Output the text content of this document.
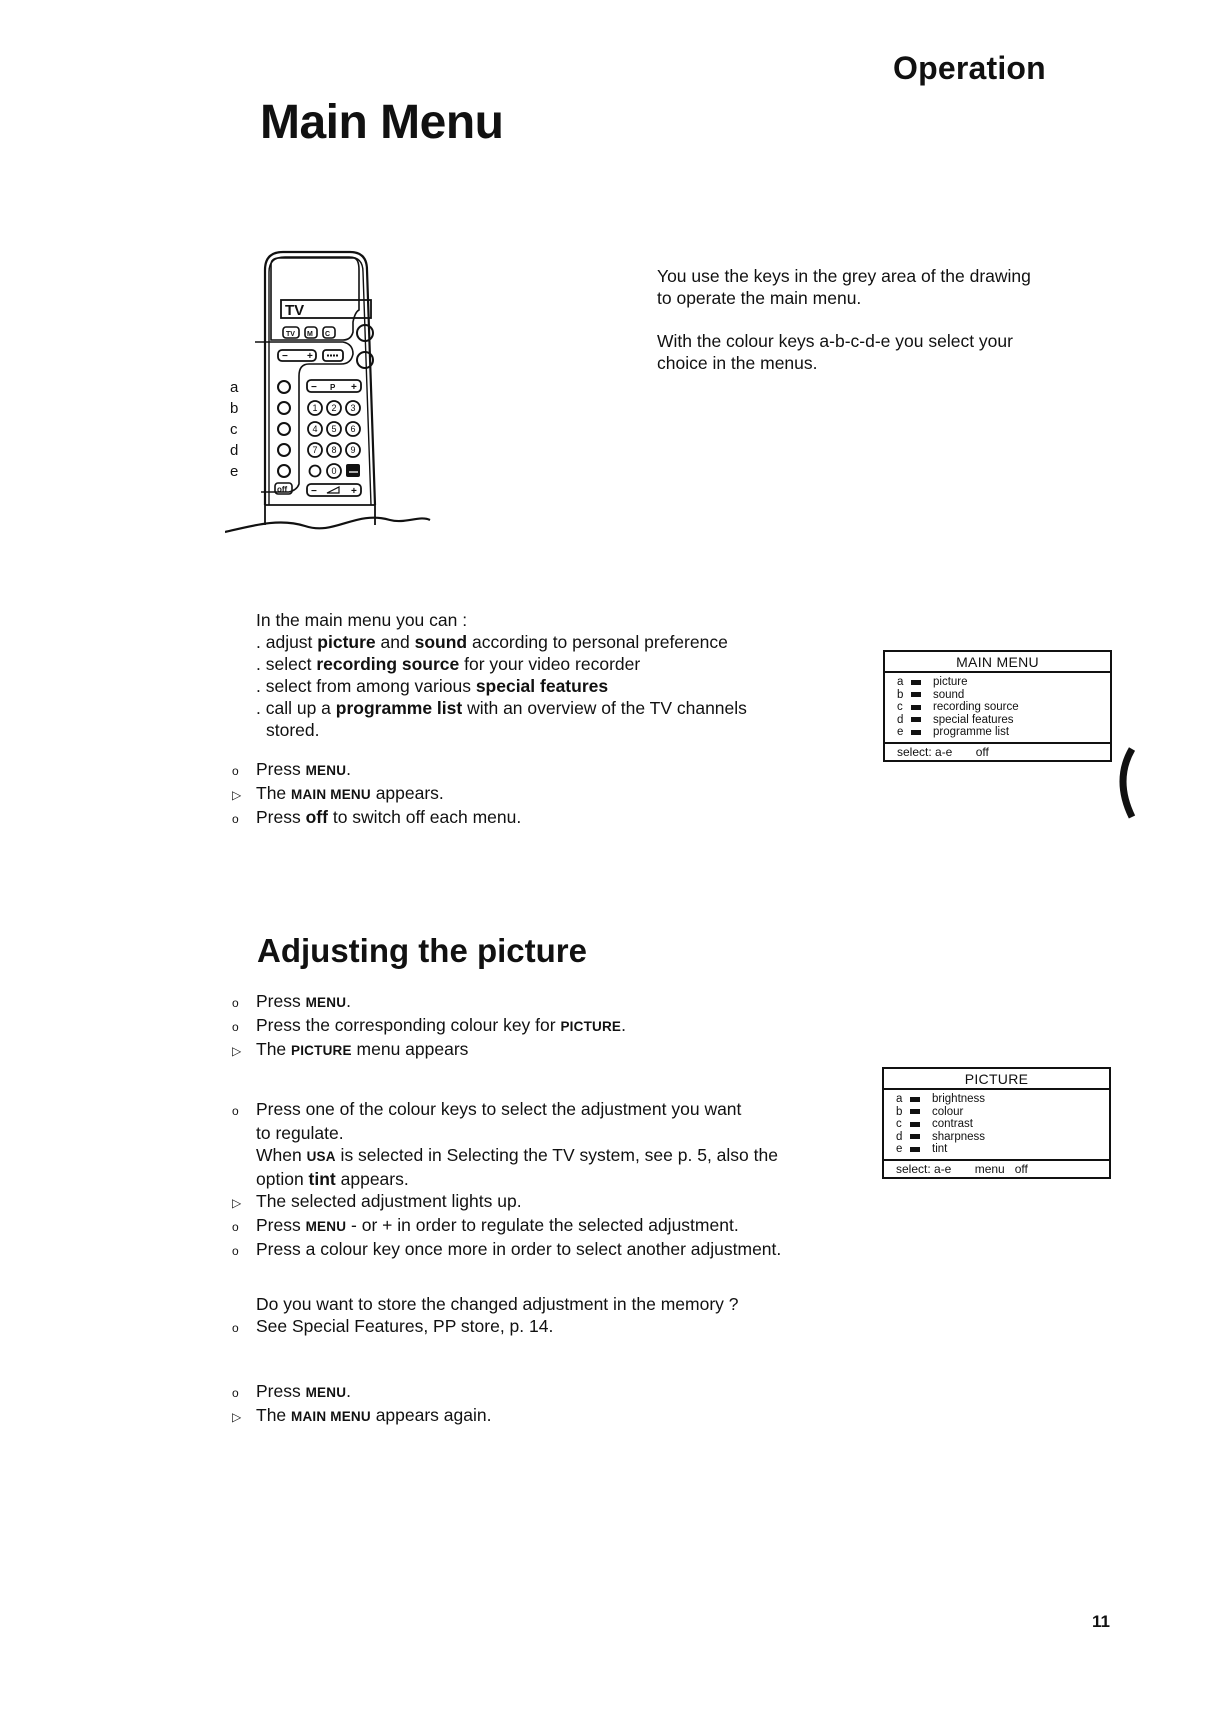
Operation
Main Menu
TV
TV M C
− +
a
b
c
d
e
off
− P +
1 2 3
4 5 6
7 8 9
0
−	+
You use the keys in the grey area of the drawing to operate the main menu.
With the colour keys a-b-c-d-e you select your choice in the menus.
In the main menu you can :
. adjust picture and sound according to personal preference
. select recording source for your video recorder
. select from among various special features
. call up a programme list with an overview of the TV channels
stored.
o Press MENU.
▷ The MAIN MENU appears.
o Press off to switch off each menu.
MAIN MENU
a	picture
b	sound
c	recording source
d	special features
e	programme list
select: a-e       off
Adjusting the picture
o Press MENU.
o Press the corresponding colour key for PICTURE.
▷ The PICTURE menu appears
o Press one of the colour keys to select the adjustment you want
to regulate.
When USA is selected in Selecting the TV system, see p. 5, also the
option tint appears.
▷ The selected adjustment lights up.
o Press MENU - or + in order to regulate the selected adjustment.
o Press a colour key once more in order to select another adjustment.
Do you want to store the changed adjustment in the memory ?
o See Special Features, PP store, p. 14.
o Press MENU.
▷ The MAIN MENU appears again.
PICTURE
a	brightness
b	colour
c	contrast
d	sharpness
e	tint
select: a-e       menu   off
11
